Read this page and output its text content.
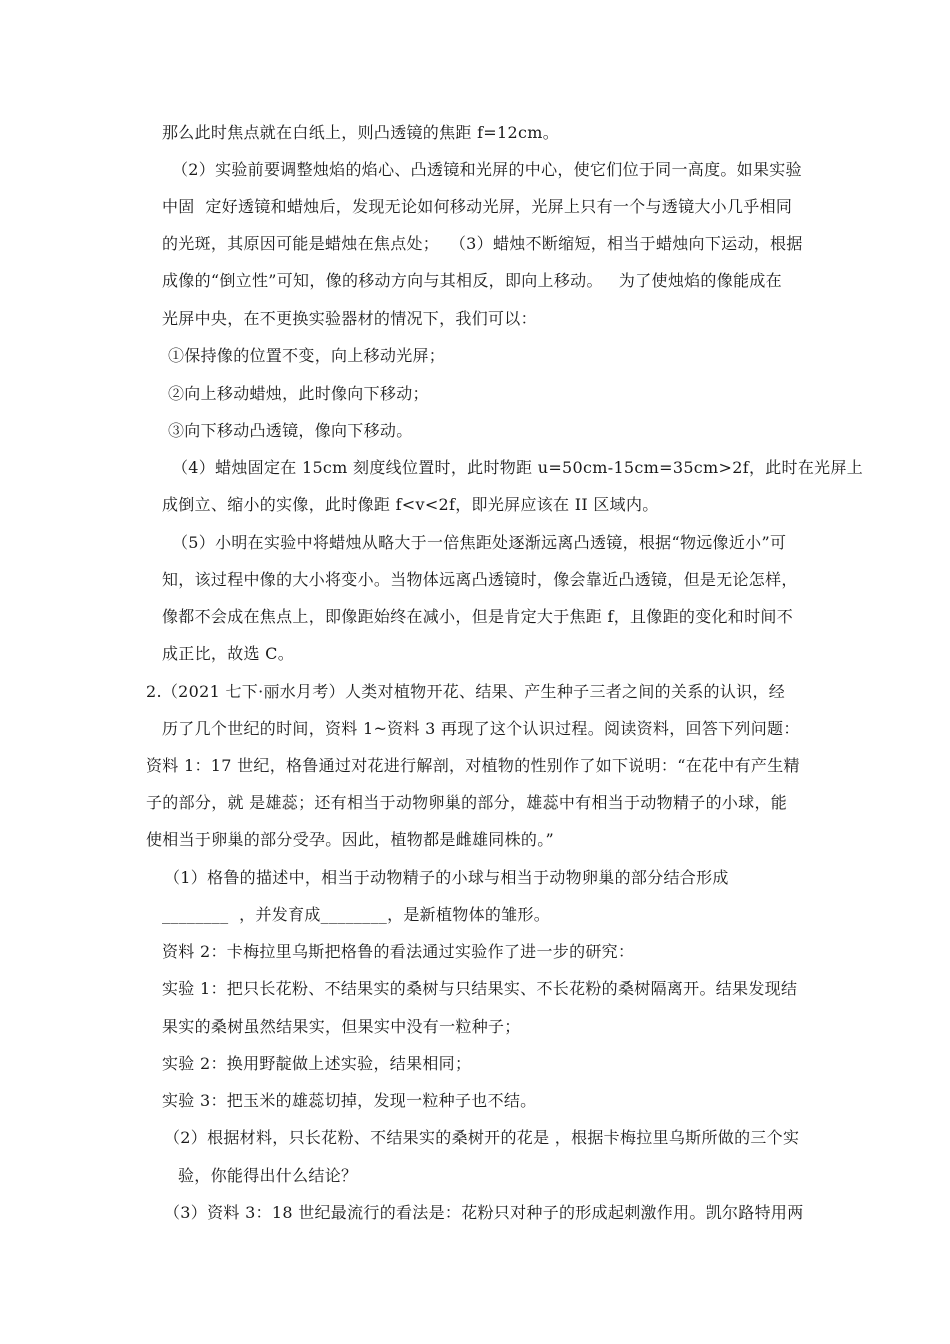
那么此时焦点就在白纸上，则凸透镜的焦距 f=12cm。
（2）实验前要调整烛焰的焰心、凸透镜和光屏的中心，使它们位于同一高度。如果实验
中固  定好透镜和蜡烛后，发现无论如何移动光屏，光屏上只有一个与透镜大小几乎相同
的光斑，其原因可能是蜡烛在焦点处；  （3）蜡烛不断缩短，相当于蜡烛向下运动，根据
成像的“倒立性”可知，像的移动方向与其相反，即向上移动。   为了使烛焰的像能成在
光屏中央，在不更换实验器材的情况下，我们可以：
①保持像的位置不变，向上移动光屏；
②向上移动蜡烛，此时像向下移动；
③向下移动凸透镜，像向下移动。
（4）蜡烛固定在 15cm 刻度线位置时，此时物距 u=50cm-15cm=35cm>2f，此时在光屏上
成倒立、缩小的实像，此时像距 f<v<2f，即光屏应该在 II 区域内。
（5）小明在实验中将蜡烛从略大于一倍焦距处逐渐远离凸透镜，根据“物远像近小”可
知，该过程中像的大小将变小。当物体远离凸透镜时，像会靠近凸透镜，但是无论怎样，
像都不会成在焦点上，即像距始终在减小，但是肯定大于焦距 f，且像距的变化和时间不
成正比，故选 C。
2.（2021 七下·丽水月考）人类对植物开花、结果、产生种子三者之间的关系的认识，经
历了几个世纪的时间，资料 1~资料 3 再现了这个认识过程。阅读资料，回答下列问题：
资料 1：17 世纪，格鲁通过对花进行解剖，对植物的性别作了如下说明：“在花中有产生精
子的部分，就 是雄蕊；还有相当于动物卵巢的部分，雄蕊中有相当于动物精子的小球，能
使相当于卵巢的部分受孕。因此，植物都是雌雄同株的。”
（1）格鲁的描述中，相当于动物精子的小球与相当于动物卵巢的部分结合形成
________  ，并发育成________，是新植物体的雏形。
资料 2：卡梅拉里乌斯把格鲁的看法通过实验作了进一步的研究：
实验 1：把只长花粉、不结果实的桑树与只结果实、不长花粉的桑树隔离开。结果发现结
果实的桑树虽然结果实，但果实中没有一粒种子；
实验 2：换用野靛做上述实验，结果相同；
实验 3：把玉米的雄蕊切掉，发现一粒种子也不结。
（2）根据材料，只长花粉、不结果实的桑树开的花是 ，根据卡梅拉里乌斯所做的三个实
验，你能得出什么结论？
（3）资料 3：18 世纪最流行的看法是：花粉只对种子的形成起刺激作用。凯尔路特用两
